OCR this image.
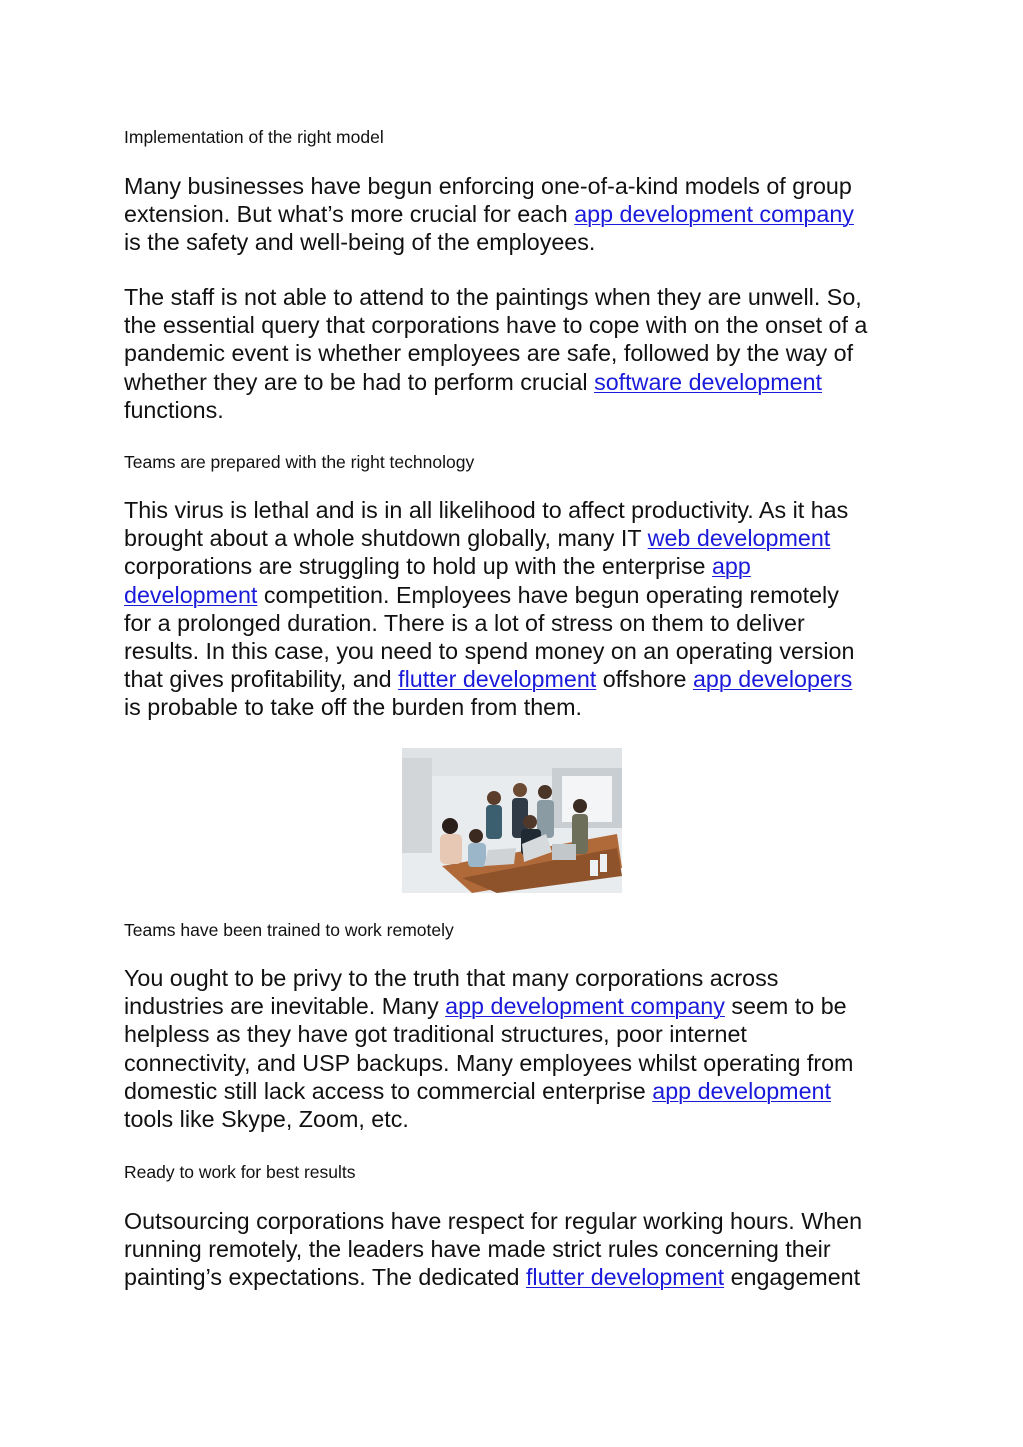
Implementation of the right model
Many businesses have begun enforcing one-of-a-kind models of group
extension. But what’s more crucial for each app development company
is the safety and well-being of the employees.
The staff is not able to attend to the paintings when they are unwell. So,
the essential query that corporations have to cope with on the onset of a
pandemic event is whether employees are safe, followed by the way of
whether they are to be had to perform crucial software development
functions.
Teams are prepared with the right technology
This virus is lethal and is in all likelihood to affect productivity. As it has
brought about a whole shutdown globally, many IT web development
corporations are struggling to hold up with the enterprise app
development competition. Employees have begun operating remotely
for a prolonged duration. There is a lot of stress on them to deliver
results. In this case, you need to spend money on an operating version
that gives profitability, and flutter development offshore app developers
is probable to take off the burden from them.
Teams have been trained to work remotely
You ought to be privy to the truth that many corporations across
industries are inevitable. Many app development company seem to be
helpless as they have got traditional structures, poor internet
connectivity, and USP backups. Many employees whilst operating from
domestic still lack access to commercial enterprise app development
tools like Skype, Zoom, etc.
Ready to work for best results
Outsourcing corporations have respect for regular working hours. When
running remotely, the leaders have made strict rules concerning their
painting’s expectations. The dedicated flutter development engagement
